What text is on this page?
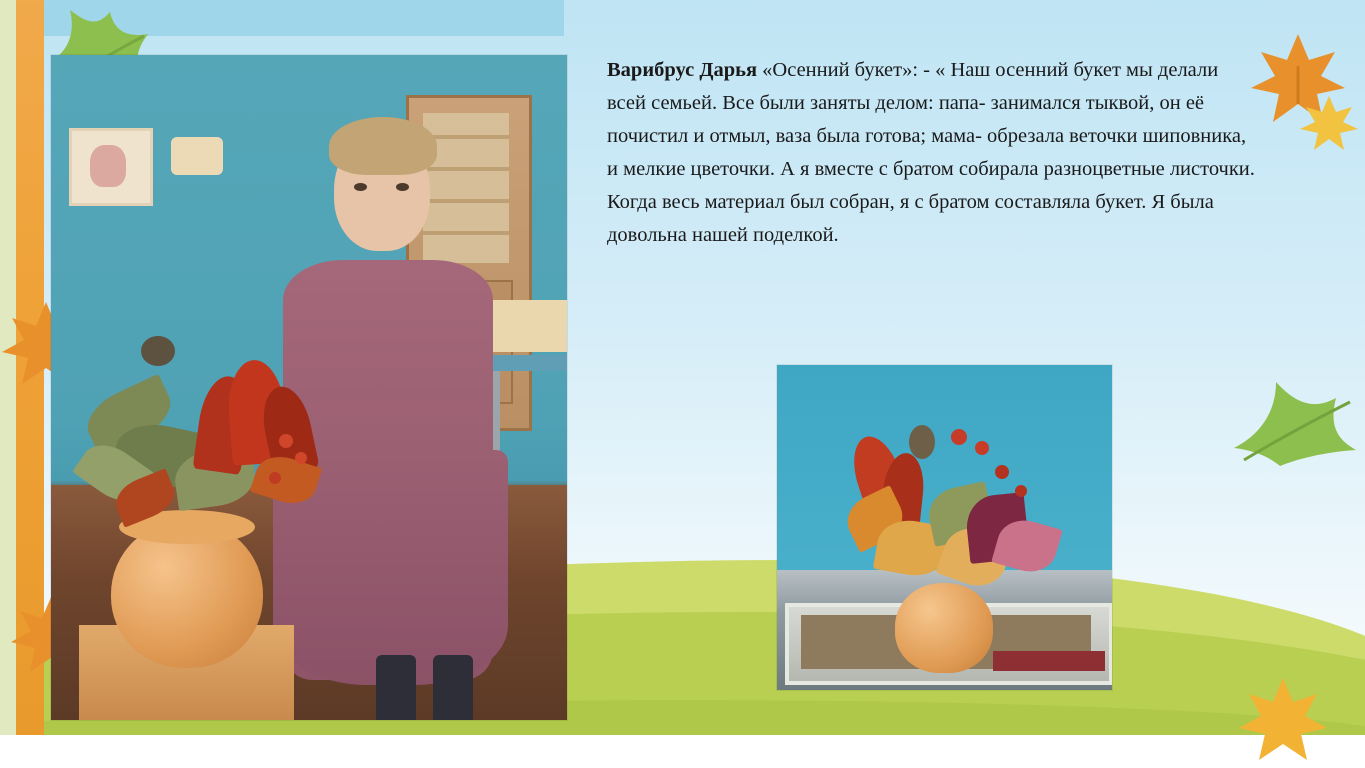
Варибрус Дарья «Осенний букет»: - « Наш осенний букет мы делали всей семьей. Все были заняты делом: папа- занимался тыквой, он её почистил и отмыл, ваза была готова; мама- обрезала веточки шиповника, и мелкие цветочки. А я вместе с братом собирала разноцветные листочки. Когда весь материал был собран, я с братом составляла букет. Я была довольна нашей поделкой.
